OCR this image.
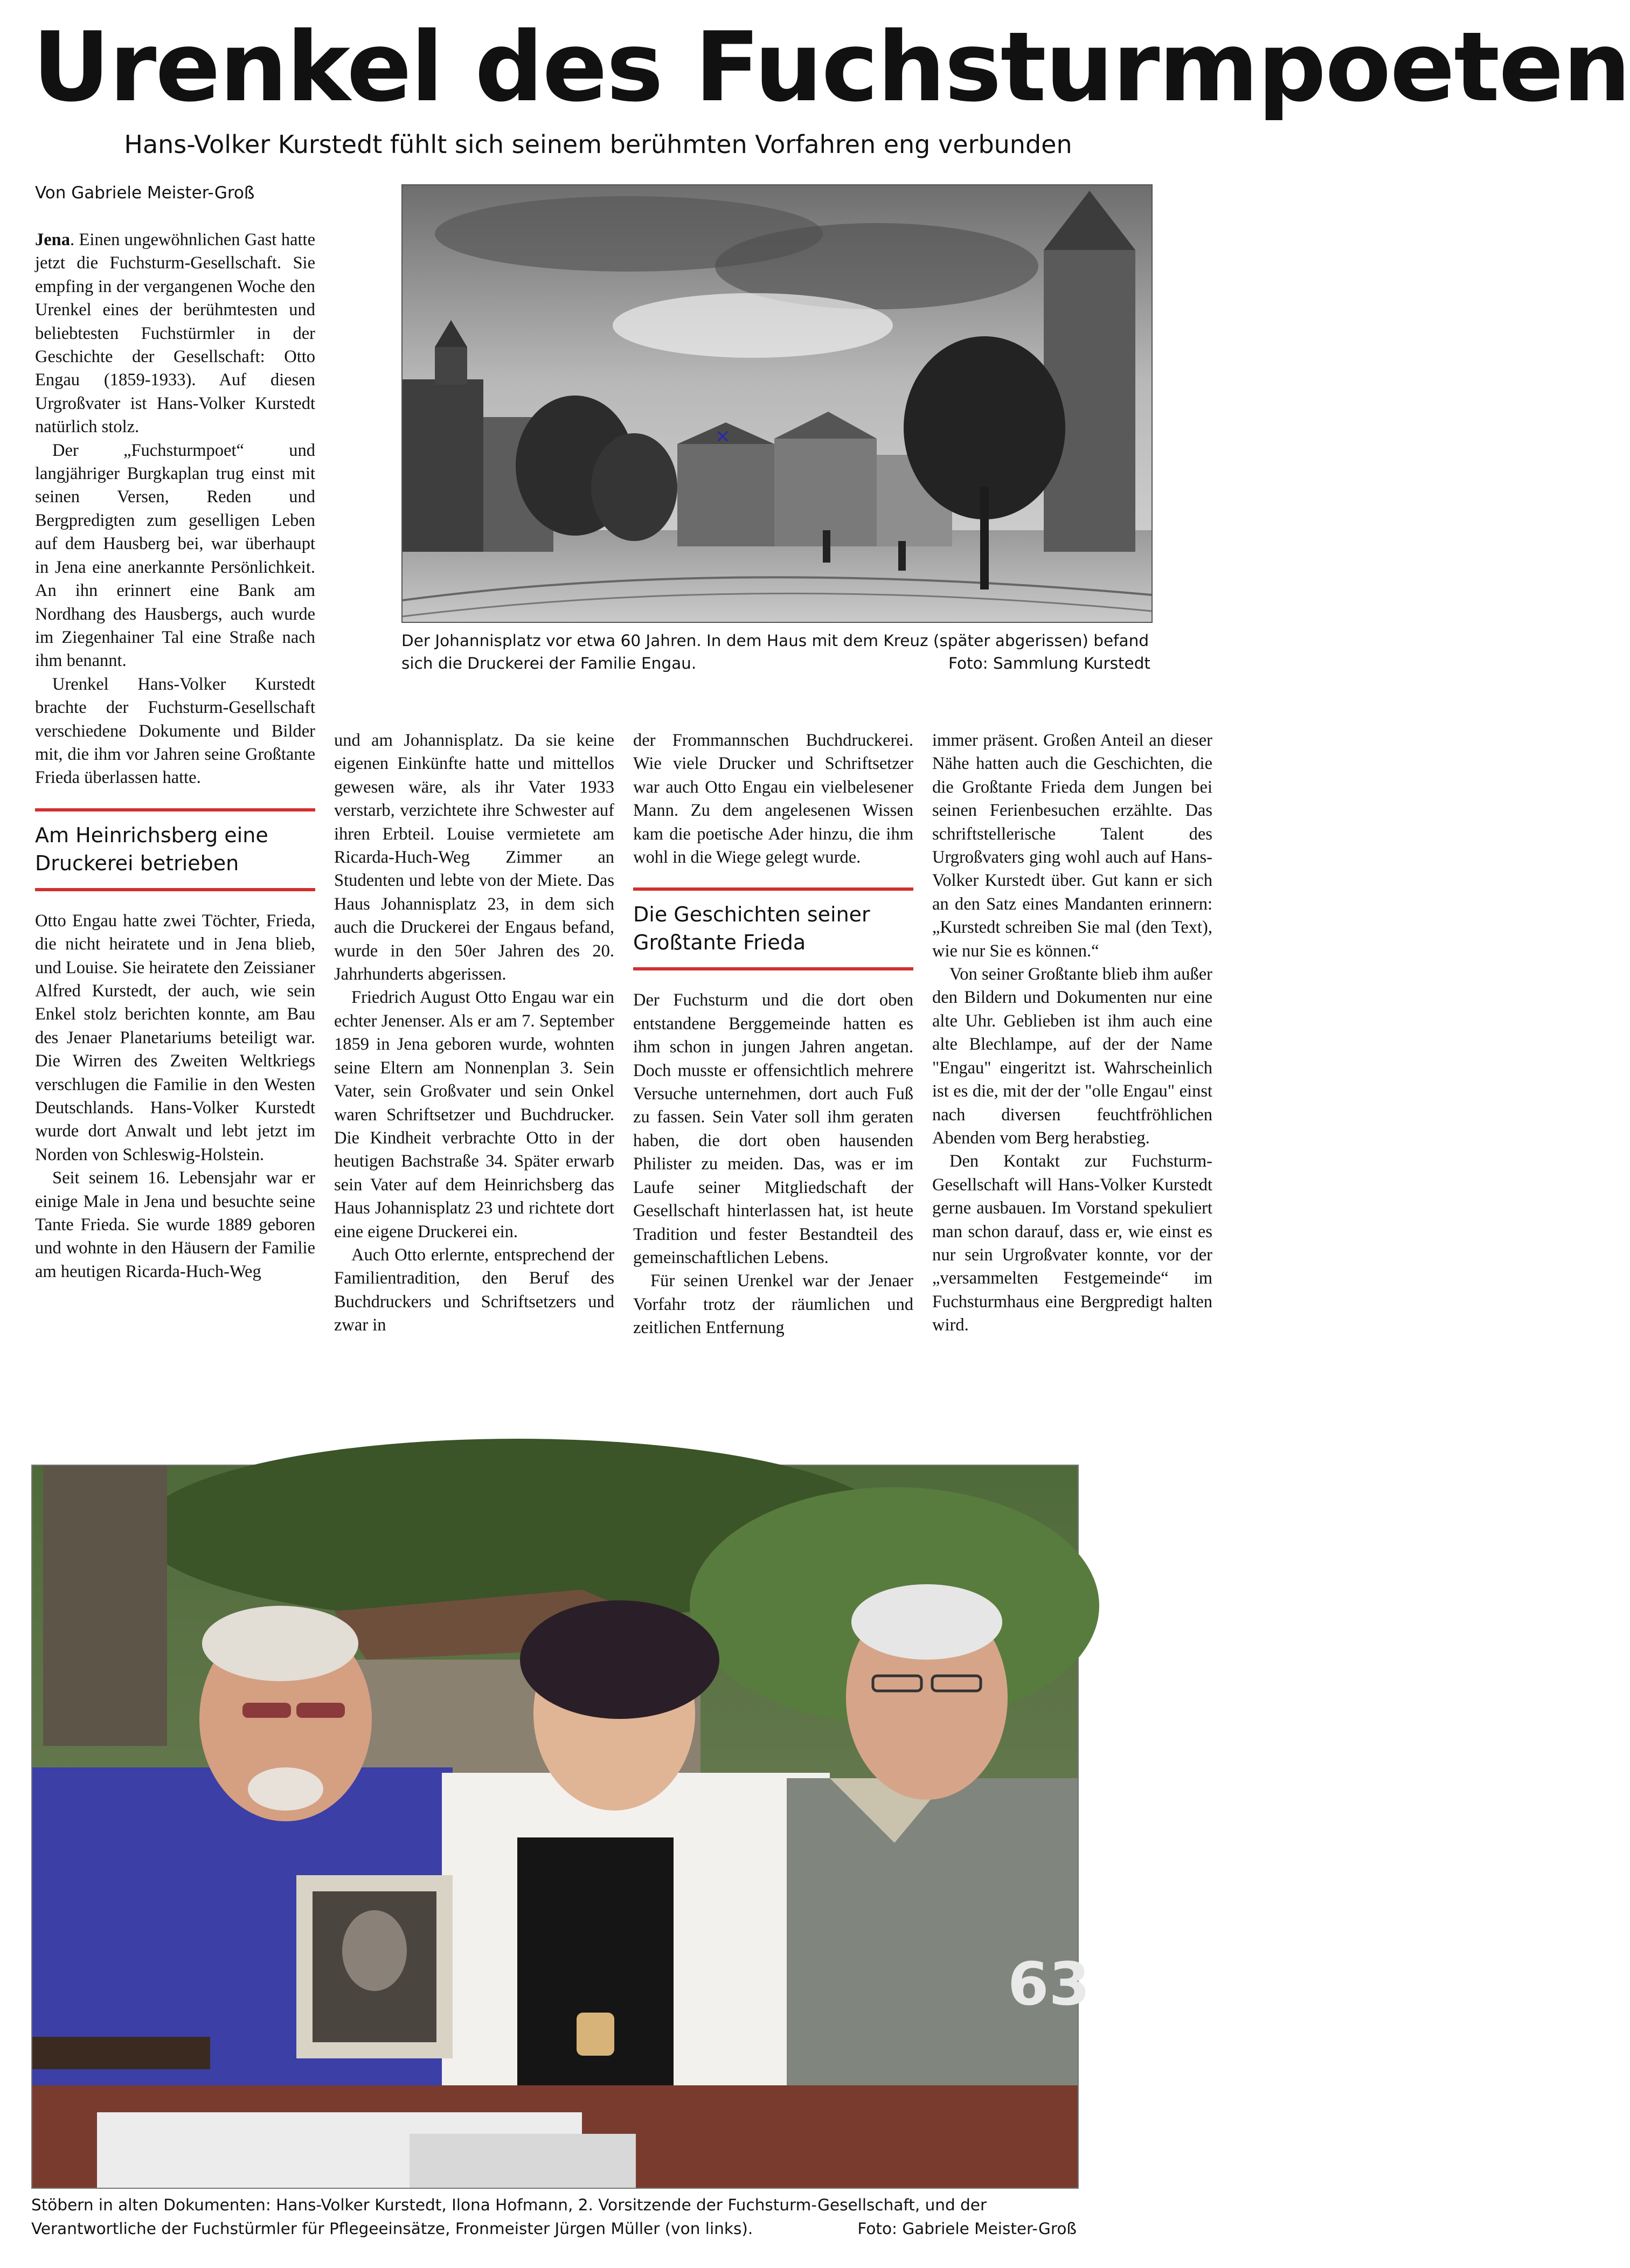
Urenkel des Fuchsturmpoeten
Hans-Volker Kurstedt fühlt sich seinem berühmten Vorfahren eng verbunden
Von Gabriele Meister-Groß
✕

Der Johannisplatz vor etwa 60 Jahren. In dem Haus mit dem Kreuz (später abgerissen) befand sich die Druckerei der Familie Engau.	Foto: Sammlung Kurstedt

Jena. Einen ungewöhnlichen Gast hatte jetzt die Fuchsturm-Gesellschaft. Sie empfing in der vergangenen Woche den Urenkel eines der berühmtesten und beliebtesten Fuchstürmler in der Geschichte der Gesellschaft: Otto Engau (1859-1933). Auf diesen Urgroßvater ist Hans-Volker Kurstedt natürlich stolz.

Der „Fuchsturmpoet“ und langjähriger Burgkaplan trug einst mit seinen Versen, Reden und Bergpredigten zum geselligen Leben auf dem Hausberg bei, war überhaupt in Jena eine anerkannte Persönlichkeit. An ihn erinnert eine Bank am Nordhang des Hausbergs, auch wurde im Ziegenhainer Tal eine Straße nach ihm benannt.

Urenkel Hans-Volker Kurstedt brachte der Fuchsturm-Gesellschaft verschiedene Dokumente und Bilder mit, die ihm vor Jahren seine Großtante Frieda überlassen hatte.

Am Heinrichsberg eine Druckerei betrieben

Otto Engau hatte zwei Töchter, Frieda, die nicht heiratete und in Jena blieb, und Louise. Sie heiratete den Zeissianer Alfred Kurstedt, der auch, wie sein Enkel stolz berichten konnte, am Bau des Jenaer Planetariums beteiligt war. Die Wirren des Zweiten Weltkriegs verschlugen die Familie in den Westen Deutschlands. Hans-Volker Kurstedt wurde dort Anwalt und lebt jetzt im Norden von Schleswig-Holstein.

Seit seinem 16. Lebensjahr war er einige Male in Jena und besuchte seine Tante Frieda. Sie wurde 1889 geboren und wohnte in den Häusern der Familie am heutigen Ricarda-Huch-Weg

und am Johannisplatz. Da sie keine eigenen Einkünfte hatte und mittellos gewesen wäre, als ihr Vater 1933 verstarb, verzichtete ihre Schwester auf ihren Erbteil. Louise vermietete am Ricarda-Huch-Weg Zimmer an Studenten und lebte von der Miete. Das Haus Johannisplatz 23, in dem sich auch die Druckerei der Engaus befand, wurde in den 50er Jahren des 20. Jahrhunderts abgerissen.

Friedrich August Otto Engau war ein echter Jenenser. Als er am 7. September 1859 in Jena geboren wurde, wohnten seine Eltern am Nonnenplan 3. Sein Vater, sein Großvater und sein Onkel waren Schriftsetzer und Buchdrucker. Die Kindheit verbrachte Otto in der heutigen Bachstraße 34. Später erwarb sein Vater auf dem Heinrichsberg das Haus Johannisplatz 23 und richtete dort eine eigene Druckerei ein.

Auch Otto erlernte, entsprechend der Familientradition, den Beruf des Buchdruckers und Schriftsetzers und zwar in

der Frommannschen Buchdruckerei. Wie viele Drucker und Schriftsetzer war auch Otto Engau ein vielbelesener Mann. Zu dem angelesenen Wissen kam die poetische Ader hinzu, die ihm wohl in die Wiege gelegt wurde.

Die Geschichten seiner Großtante Frieda

Der Fuchsturm und die dort oben entstandene Berggemeinde hatten es ihm schon in jungen Jahren angetan. Doch musste er offensichtlich mehrere Versuche unternehmen, dort auch Fuß zu fassen. Sein Vater soll ihm geraten haben, die dort oben hausenden Philister zu meiden. Das, was er im Laufe seiner Mitgliedschaft der Gesellschaft hinterlassen hat, ist heute Tradition und fester Bestandteil des gemeinschaftlichen Lebens.

Für seinen Urenkel war der Jenaer Vorfahr trotz der räumlichen und zeitlichen Entfernung

immer präsent. Großen Anteil an dieser Nähe hatten auch die Geschichten, die die Großtante Frieda dem Jungen bei seinen Ferienbesuchen erzählte. Das schriftstellerische Talent des Urgroßvaters ging wohl auch auf Hans-Volker Kurstedt über. Gut kann er sich an den Satz eines Mandanten erinnern: „Kurstedt schreiben Sie mal (den Text), wie nur Sie es können.“

Von seiner Großtante blieb ihm außer den Bildern und Dokumenten nur eine alte Uhr. Geblieben ist ihm auch eine alte Blechlampe, auf der der Name "Engau" eingeritzt ist. Wahrscheinlich ist es die, mit der der "olle Engau" einst nach diversen feuchtfröhlichen Abenden vom Berg herabstieg.

Den Kontakt zur Fuchsturm-Gesellschaft will Hans-Volker Kurstedt gerne ausbauen. Im Vorstand spekuliert man schon darauf, dass er, wie einst es nur sein Urgroßvater konnte, vor der „versammelten Festgemeinde“ im Fuchsturmhaus eine Bergpredigt halten wird.

63

Stöbern in alten Dokumenten: Hans-Volker Kurstedt, Ilona Hofmann, 2. Vorsitzende der Fuchsturm-Gesellschaft, und der Verantwortliche der Fuchstürmler für Pflegeeinsätze, Fronmeister Jürgen Müller (von links).	Foto: Gabriele Meister-Groß
